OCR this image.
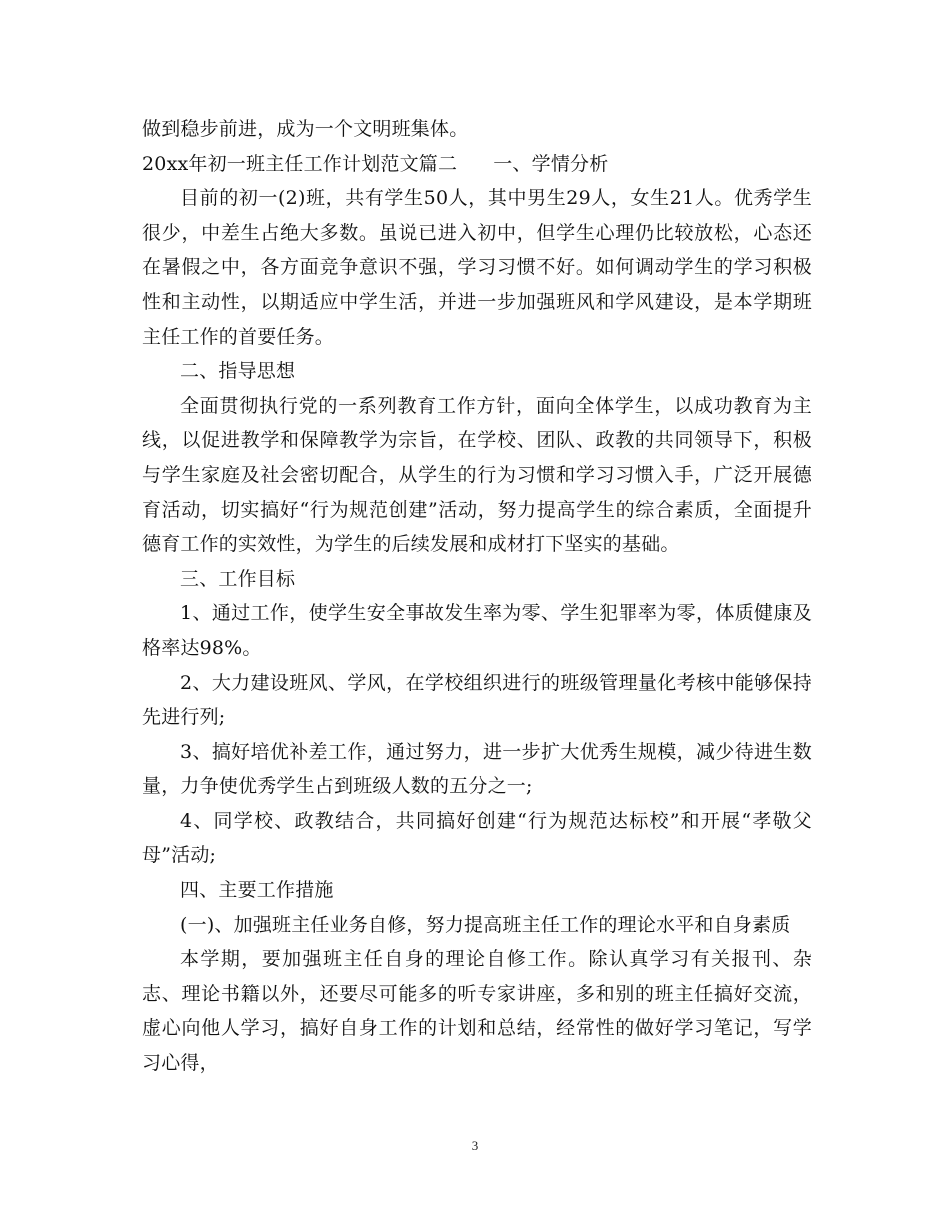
做到稳步前进，成为一个文明班集体。

20xx年初一班主任工作计划范文篇二 一、学情分析

目前的初一(2)班，共有学生50人，其中男生29人，女生21人。优秀学生很少，中差生占绝大多数。虽说已进入初中，但学生心理仍比较放松，心态还在暑假之中，各方面竞争意识不强，学习习惯不好。如何调动学生的学习积极性和主动性，以期适应中学生活，并进一步加强班风和学风建设，是本学期班主任工作的首要任务。

二、指导思想

全面贯彻执行党的一系列教育工作方针，面向全体学生，以成功教育为主线，以促进教学和保障教学为宗旨，在学校、团队、政教的共同领导下，积极与学生家庭及社会密切配合，从学生的行为习惯和学习习惯入手，广泛开展德育活动，切实搞好“行为规范创建”活动，努力提高学生的综合素质，全面提升德育工作的实效性，为学生的后续发展和成材打下坚实的基础。

三、工作目标

1、通过工作，使学生安全事故发生率为零、学生犯罪率为零，体质健康及格率达98%。

2、大力建设班风、学风，在学校组织进行的班级管理量化考核中能够保持先进行列;

3、搞好培优补差工作，通过努力，进一步扩大优秀生规模，减少待进生数量，力争使优秀学生占到班级人数的五分之一;

4、同学校、政教结合，共同搞好创建“行为规范达标校”和开展“孝敬父母”活动;

四、主要工作措施

(一)、加强班主任业务自修，努力提高班主任工作的理论水平和自身素质

本学期，要加强班主任自身的理论自修工作。除认真学习有关报刊、杂志、理论书籍以外，还要尽可能多的听专家讲座，多和别的班主任搞好交流，虚心向他人学习，搞好自身工作的计划和总结，经常性的做好学习笔记，写学习心得，

3
